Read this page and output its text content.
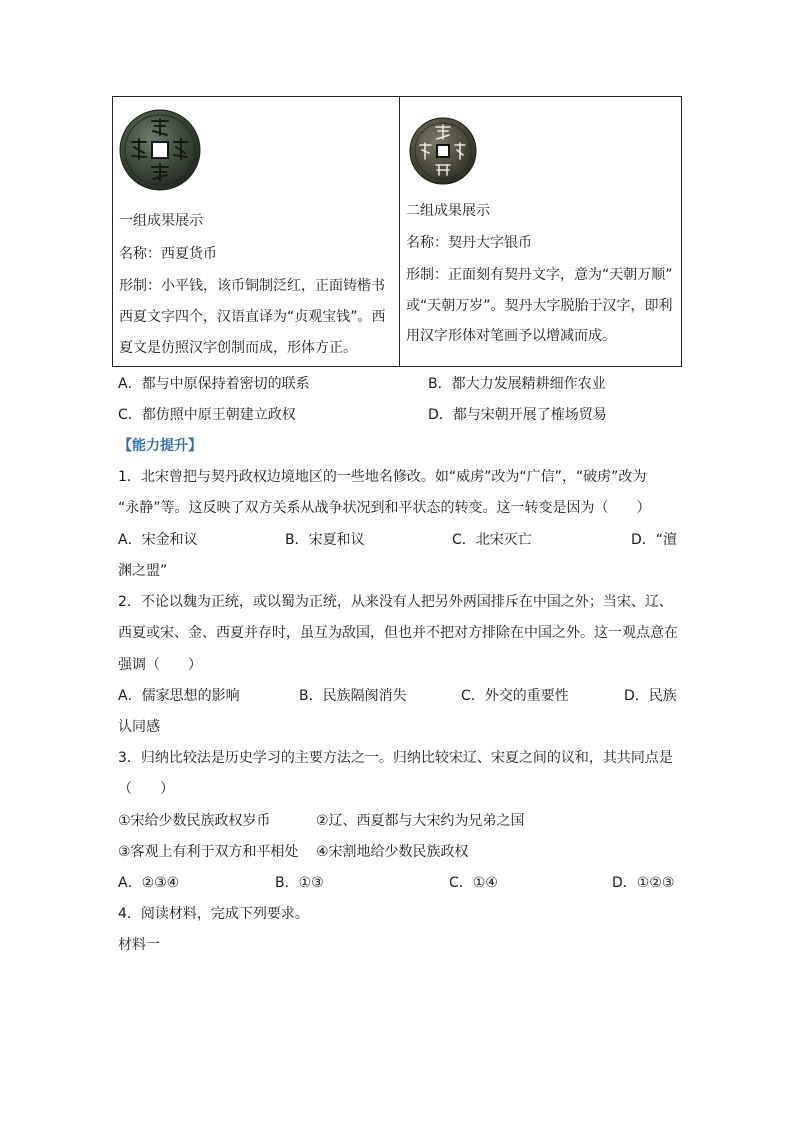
一组成果展示
名称：西夏货币
形制：小平钱，该币铜制泛红，正面铸楷书
西夏文字四个，汉语直译为“贞观宝钱”。西
夏文是仿照汉字创制而成，形体方正。
二组成果展示
名称：契丹大字银币
形制：正面刻有契丹文字，意为“天朝万顺”
或“天朝万岁”。契丹大字脱胎于汉字，即利
用汉字形体对笔画予以增减而成。
A．都与中原保持着密切的联系	B．都大力发展精耕细作农业
C．都仿照中原王朝建立政权	D．都与宋朝开展了榷场贸易
【能力提升】
1．北宋曾把与契丹政权边境地区的一些地名修改。如“威虏”改为“广信”，“破虏”改为
“永静”等。这反映了双方关系从战争状况到和平状态的转变。这一转变是因为（　　）
A．宋金和议	B．宋夏和议	C．北宋灭亡	D．“澶
渊之盟”
2．不论以魏为正统，或以蜀为正统，从来没有人把另外两国排斥在中国之外；当宋、辽、
西夏或宋、金、西夏并存时，虽互为敌国，但也并不把对方排除在中国之外。这一观点意在
强调（　　）
A．儒家思想的影响	B．民族隔阂消失	C．外交的重要性	D．民族
认同感
3．归纳比较法是历史学习的主要方法之一。归纳比较宋辽、宋夏之间的议和，其共同点是
（　　）
①宋给少数民族政权岁币	②辽、西夏都与大宋约为兄弟之国
③客观上有利于双方和平相处 ④宋割地给少数民族政权
A．②③④	B．①③	C．①④	D．①②③
4．阅读材料，完成下列要求。
材料一
